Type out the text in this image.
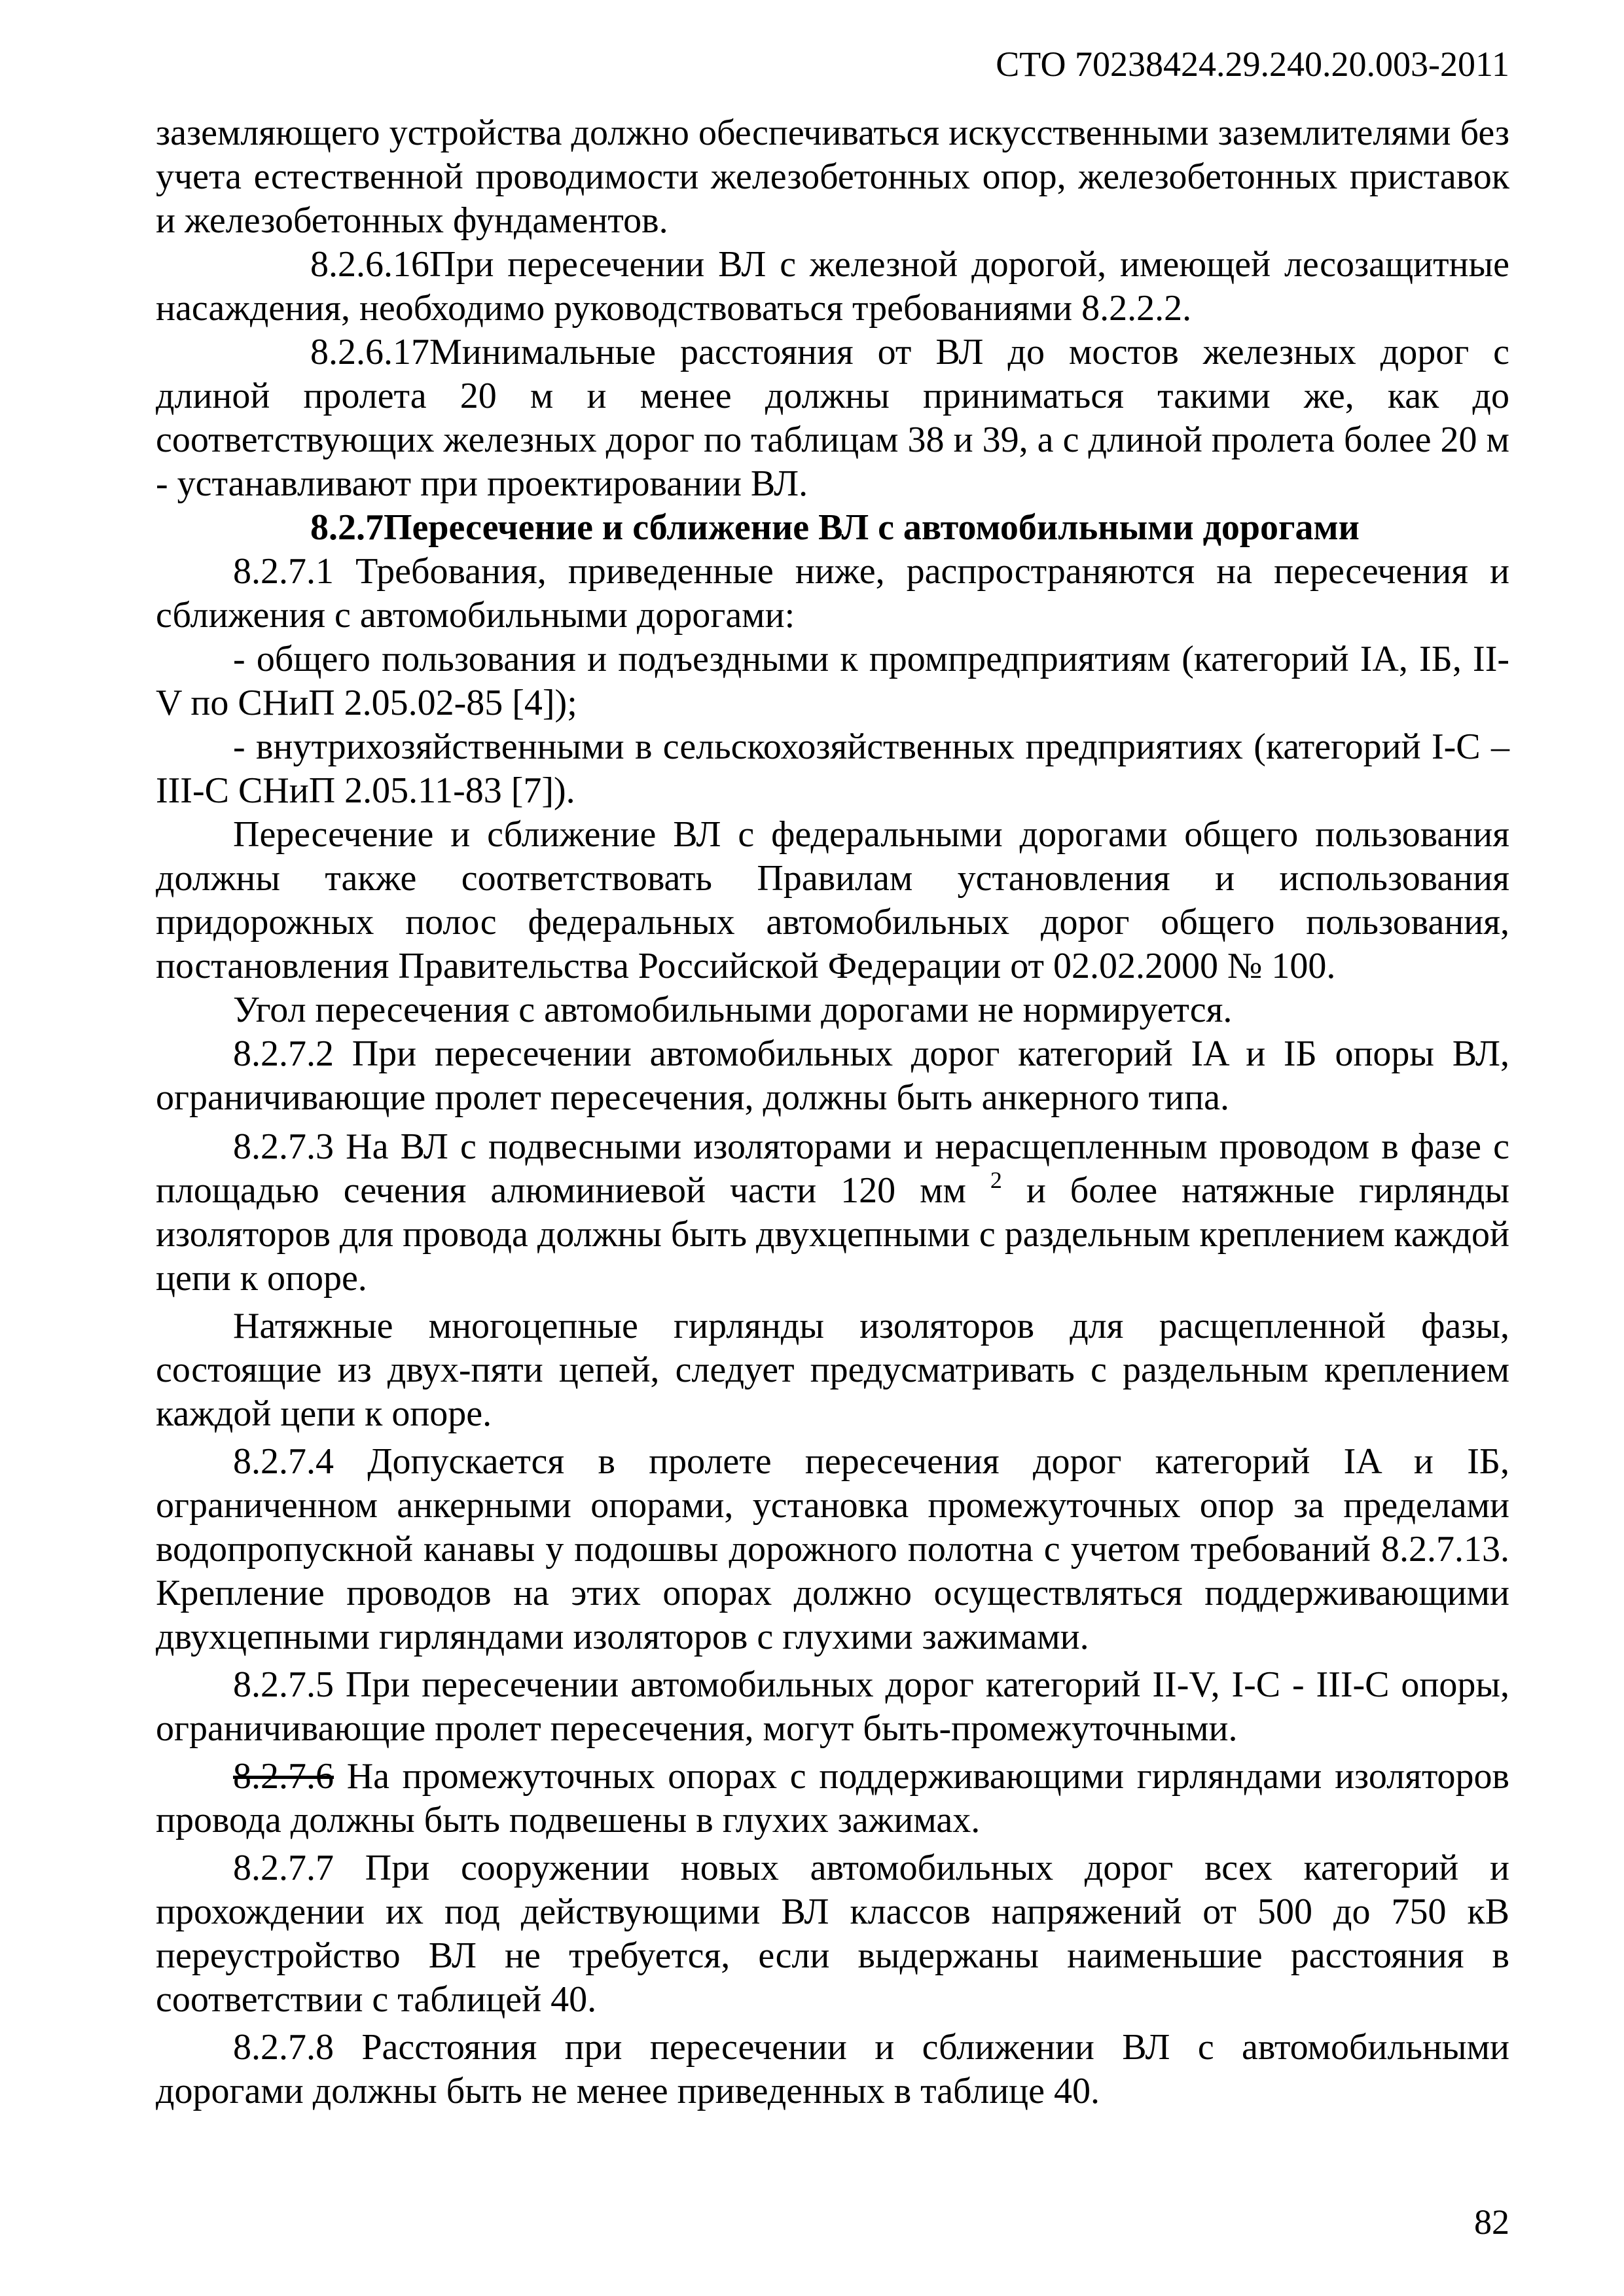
СТО 70238424.29.240.20.003-2011

заземляющего устройства должно обеспечиваться искусственными заземлителями без учета естественной проводимости железобетонных опор, железобетонных приставок и железобетонных фундаментов.

8.2.6.16При пересечении ВЛ с железной дорогой, имеющей лесозащитные насаждения, необходимо руководствоваться требованиями 8.2.2.2.

8.2.6.17Минимальные расстояния от ВЛ до мостов железных дорог с длиной пролета 20 м и менее должны приниматься такими же, как до соответствующих железных дорог по таблицам 38 и 39, а с длиной пролета более 20 м - устанавливают при проектировании ВЛ.

8.2.7Пересечение и сближение ВЛ с автомобильными дорогами

8.2.7.1 Требования, приведенные ниже, распространяются на пересечения и сближения с автомобильными дорогами:

- общего пользования и подъездными к промпредприятиям (категорий IA, IБ, II-V по СНиП 2.05.02-85 [4]);

- внутрихозяйственными в сельскохозяйственных предприятиях (категорий I-C – III-C СНиП 2.05.11-83 [7]).

Пересечение и сближение ВЛ с федеральными дорогами общего пользования должны также соответствовать Правилам установления и использования придорожных полос федеральных автомобильных дорог общего пользования, постановления Правительства Российской Федерации от 02.02.2000 № 100.

Угол пересечения с автомобильными дорогами не нормируется.

8.2.7.2 При пересечении автомобильных дорог категорий IA и IБ опоры ВЛ, ограничивающие пролет пересечения, должны быть анкерного типа.

8.2.7.3 На ВЛ с подвесными изоляторами и нерасщепленным проводом в фазе с площадью сечения алюминиевой части 120 мм $^2$ и более натяжные гирлянды изоляторов для провода должны быть двухцепными с раздельным креплением каждой цепи к опоре.

Натяжные многоцепные гирлянды изоляторов для расщепленной фазы, состоящие из двух-пяти цепей, следует предусматривать с раздельным креплением каждой цепи к опоре.

8.2.7.4 Допускается в пролете пересечения дорог категорий IA и IБ, ограниченном анкерными опорами, установка промежуточных опор за пределами водопропускной канавы у подошвы дорожного полотна с учетом требований 8.2.7.13. Крепление проводов на этих опорах должно осуществляться поддерживающими двухцепными гирляндами изоляторов с глухими зажимами.

8.2.7.5 При пересечении автомобильных дорог категорий II-V, I-C - III-C опоры, ограничивающие пролет пересечения, могут быть-промежуточными.

8.2.7.6 На промежуточных опорах с поддерживающими гирляндами изоляторов провода должны быть подвешены в глухих зажимах.

8.2.7.7 При сооружении новых автомобильных дорог всех категорий и прохождении их под действующими ВЛ классов напряжений от 500 до 750 кВ переустройство ВЛ не требуется, если выдержаны наименьшие расстояния в соответствии с таблицей 40.

8.2.7.8 Расстояния при пересечении и сближении ВЛ с автомобильными дорогами должны быть не менее приведенных в таблице 40.

82
